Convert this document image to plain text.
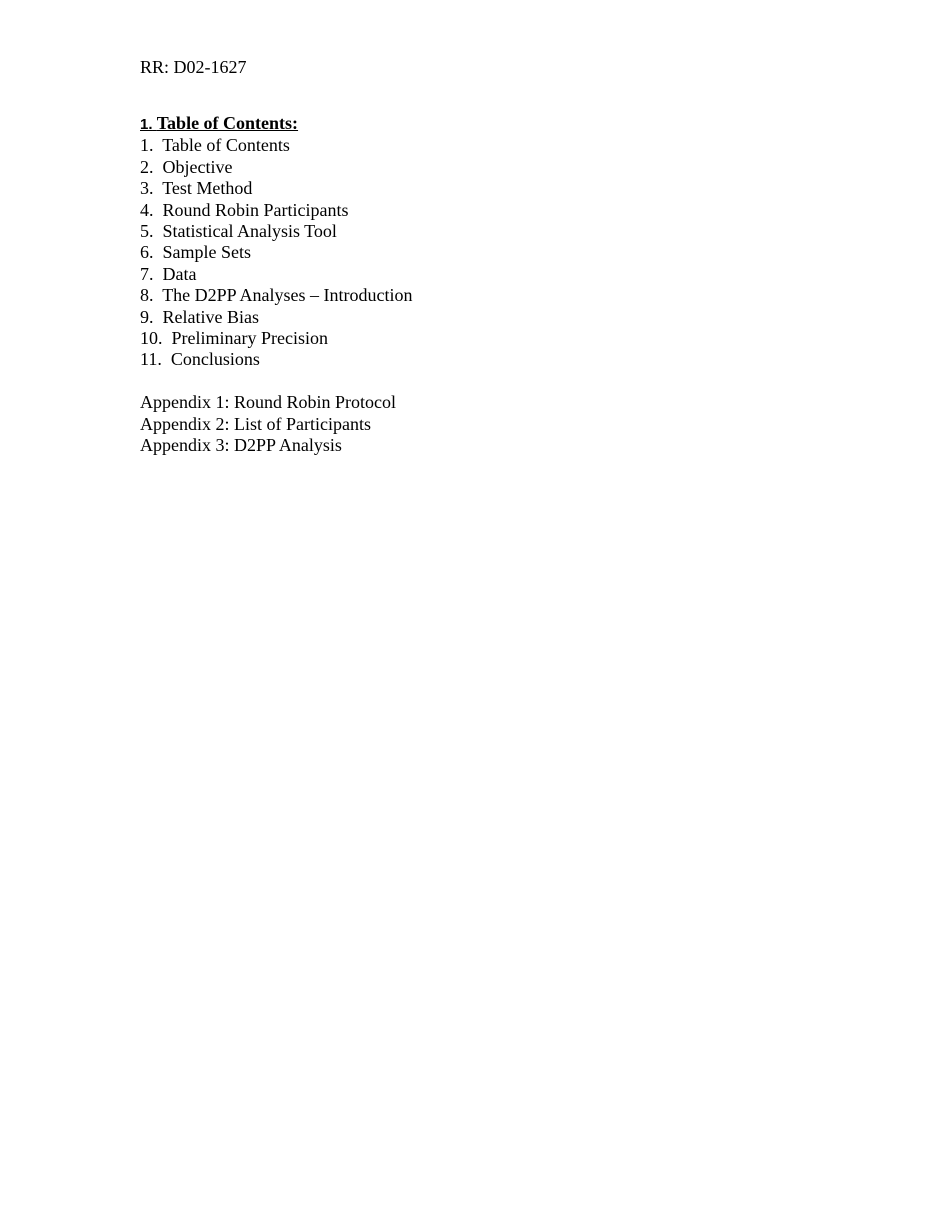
RR: D02-1627
1. Table of Contents:
1. Table of Contents
2. Objective
3. Test Method
4. Round Robin Participants
5. Statistical Analysis Tool
6. Sample Sets
7. Data
8. The D2PP Analyses – Introduction
9. Relative Bias
10. Preliminary Precision
11. Conclusions
Appendix 1: Round Robin Protocol
Appendix 2: List of Participants
Appendix 3: D2PP Analysis
